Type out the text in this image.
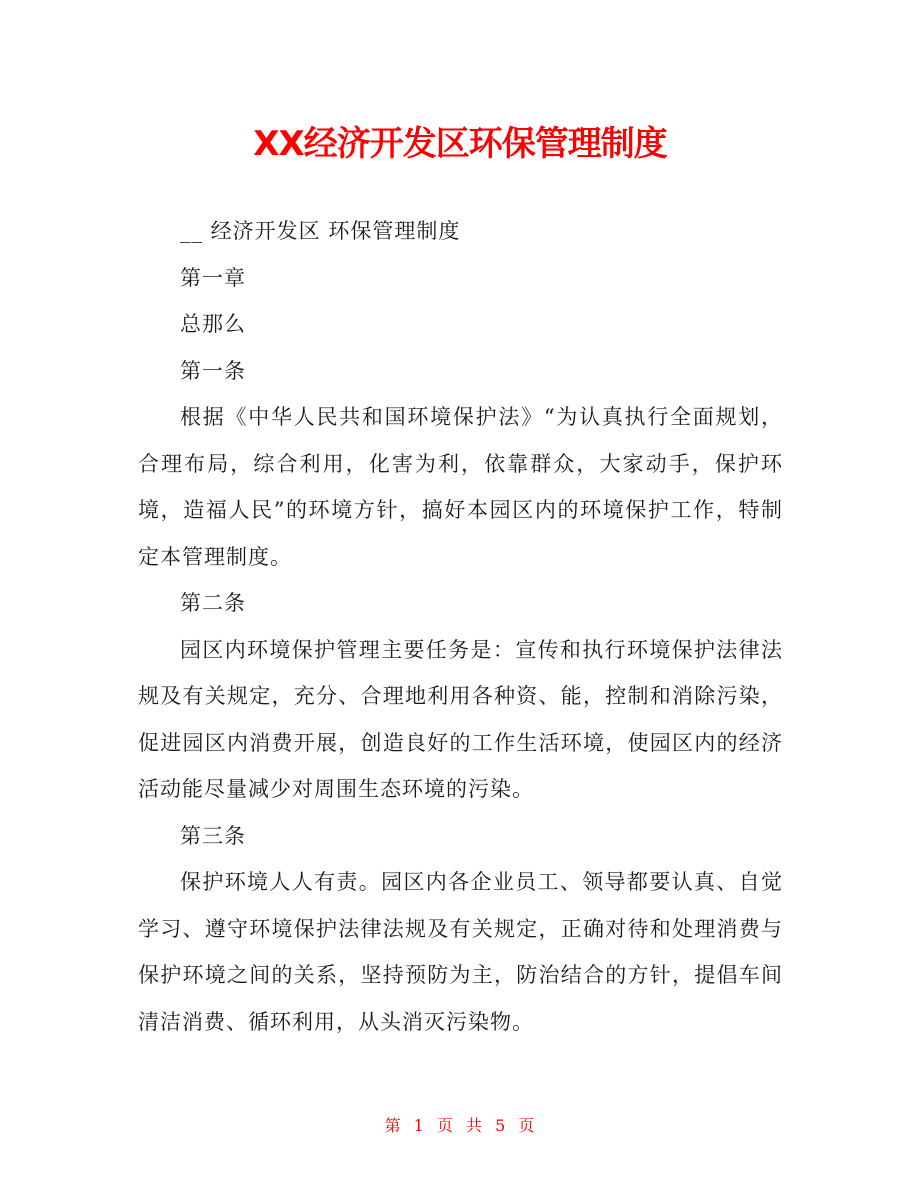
XX经济开发区环保管理制度

__ 经济开发区 环保管理制度

第一章

总那么

第一条

根据《中华人民共和国环境保护法》“为认真执行全面规划，合理布局，综合利用，化害为利，依靠群众，大家动手，保护环境，造福人民”的环境方针，搞好本园区内的环境保护工作，特制定本管理制度。

第二条

园区内环境保护管理主要任务是：宣传和执行环境保护法律法规及有关规定，充分、合理地利用各种资、能，控制和消除污染，促进园区内消费开展，创造良好的工作生活环境，使园区内的经济活动能尽量减少对周围生态环境的污染。

第三条

保护环境人人有责。园区内各企业员工、领导都要认真、自觉学习、遵守环境保护法律法规及有关规定，正确对待和处理消费与保护环境之间的关系，坚持预防为主，防治结合的方针，提倡车间清洁消费、循环利用，从头消灭污染物。

第 1 页 共 5 页
